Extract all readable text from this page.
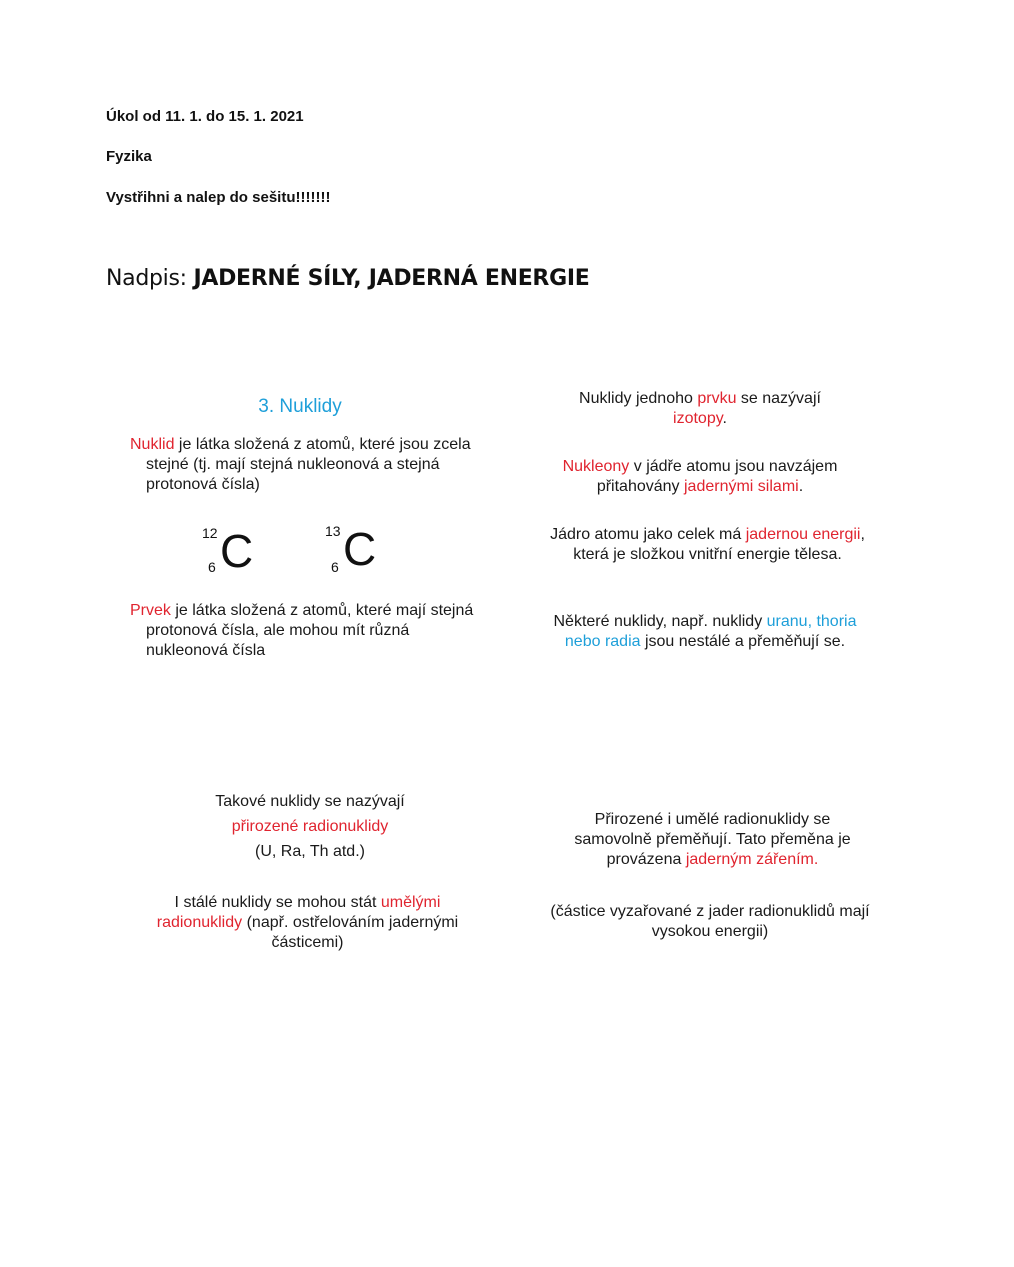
Úkol od 11. 1. do 15. 1. 2021

Fyzika

Vystřihni a nalep do sešitu!!!!!!!

Nadpis: JADERNÉ SÍLY, JADERNÁ ENERGIE

3. Nuklidy
Nuklid je látka složená z atomů, které jsou zcela stejné (tj. mají stejná nukleonová a stejná protonová čísla)
12
6 C	13
6 C
Prvek je látka složená z atomů, které mají stejná protonová čísla, ale mohou mít různá nukleonová čísla
Nuklidy jednoho prvku se nazývají
izotopy.
Nukleony v jádře atomu jsou navzájem přitahovány jadernými silami.
Jádro atomu jako celek má jadernou energii, která je složkou vnitřní energie tělesa.
Některé nuklidy, např. nuklidy uranu, thoria nebo radia jsou nestálé a přeměňují se.
Takové nuklidy se nazývají
přirozené radionuklidy
(U, Ra, Th atd.)
I stálé nuklidy se mohou stát umělými radionuklidy (např. ostřelováním jadernými částicemi)
Přirozené i umělé radionuklidy se samovolně přeměňují. Tato přeměna je provázena jaderným zářením.
(částice vyzařované z jader radionuklidů mají vysokou energii)
